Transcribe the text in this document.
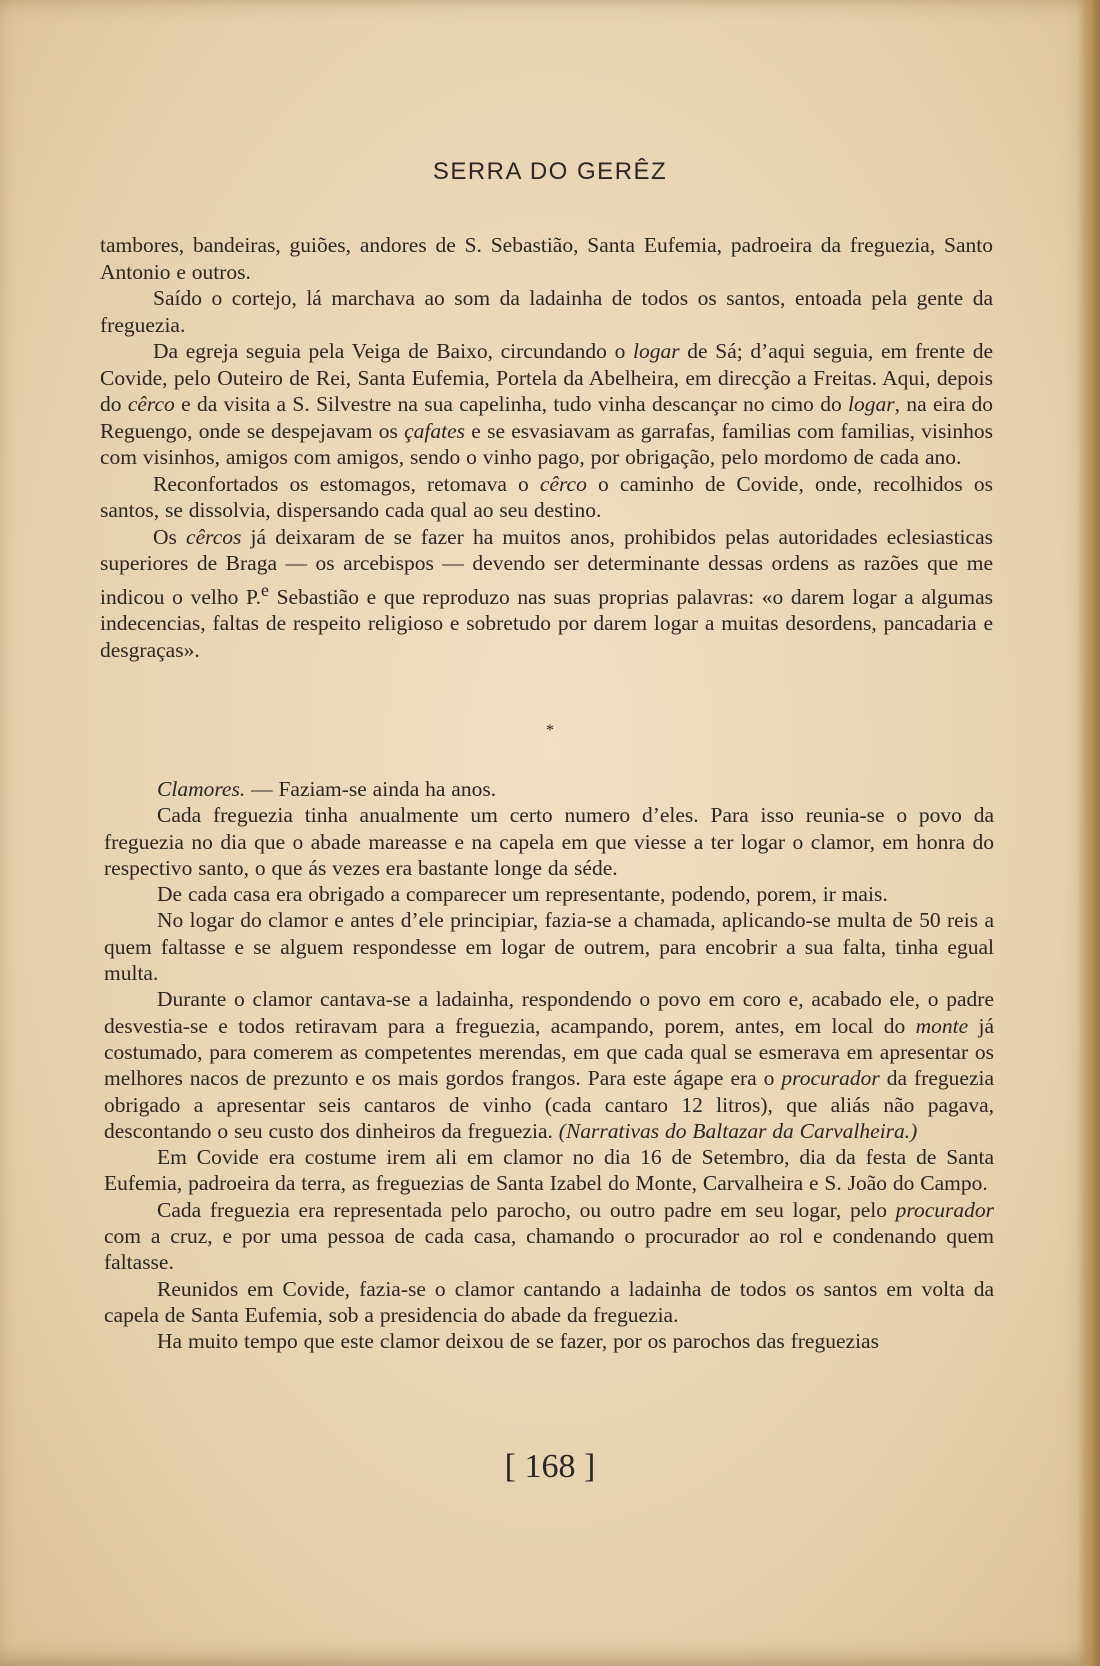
SERRA DO GERÊZ

tambores, bandeiras, guiões, andores de S. Sebastião, Santa Eufemia, padroeira da freguezia, Santo Antonio e outros.

Saído o cortejo, lá marchava ao som da ladainha de todos os santos, entoada pela gente da freguezia.

Da egreja seguia pela Veiga de Baixo, circundando o logar de Sá; d’aqui seguia, em frente de Covide, pelo Outeiro de Rei, Santa Eufemia, Portela da Abelheira, em direcção a Freitas. Aqui, depois do cêrco e da visita a S. Silvestre na sua capelinha, tudo vinha descançar no cimo do logar, na eira do Reguengo, onde se despejavam os çafates e se esvasiavam as garrafas, familias com familias, visinhos com visinhos, amigos com amigos, sendo o vinho pago, por obrigação, pelo mordomo de cada ano.

Reconfortados os estomagos, retomava o cêrco o caminho de Covide, onde, recolhidos os santos, se dissolvia, dispersando cada qual ao seu destino.

Os cêrcos já deixaram de se fazer ha muitos anos, prohibidos pelas autoridades eclesiasticas superiores de Braga — os arcebispos — devendo ser determinante dessas ordens as razões que me indicou o velho P.$^e$ Sebastião e que reproduzo nas suas proprias palavras: «o darem logar a algumas indecencias, faltas de respeito religioso e sobretudo por darem logar a muitas desordens, pancadaria e desgraças».

*

Clamores. — Faziam-se ainda ha anos.

Cada freguezia tinha anualmente um certo numero d’eles. Para isso reunia-se o povo da freguezia no dia que o abade mareasse e na capela em que viesse a ter logar o clamor, em honra do respectivo santo, o que ás vezes era bastante longe da séde.

De cada casa era obrigado a comparecer um representante, podendo, porem, ir mais.

No logar do clamor e antes d’ele principiar, fazia-se a chamada, aplicando-se multa de 50 reis a quem faltasse e se alguem respondesse em logar de outrem, para encobrir a sua falta, tinha egual multa.

Durante o clamor cantava-se a ladainha, respondendo o povo em coro e, acabado ele, o padre desvestia-se e todos retiravam para a freguezia, acampando, porem, antes, em local do monte já costumado, para comerem as competentes merendas, em que cada qual se esmerava em apresentar os melhores nacos de prezunto e os mais gordos frangos. Para este ágape era o procurador da freguezia obrigado a apresentar seis cantaros de vinho (cada cantaro 12 litros), que aliás não pagava, descontando o seu custo dos dinheiros da freguezia. (Narrativas do Baltazar da Carvalheira.)

Em Covide era costume irem ali em clamor no dia 16 de Setembro, dia da festa de Santa Eufemia, padroeira da terra, as freguezias de Santa Izabel do Monte, Carvalheira e S. João do Campo.

Cada freguezia era representada pelo parocho, ou outro padre em seu logar, pelo procurador com a cruz, e por uma pessoa de cada casa, chamando o procurador ao rol e condenando quem faltasse.

Reunidos em Covide, fazia-se o clamor cantando a ladainha de todos os santos em volta da capela de Santa Eufemia, sob a presidencia do abade da freguezia.

Ha muito tempo que este clamor deixou de se fazer, por os parochos das freguezias

[ 168 ]
